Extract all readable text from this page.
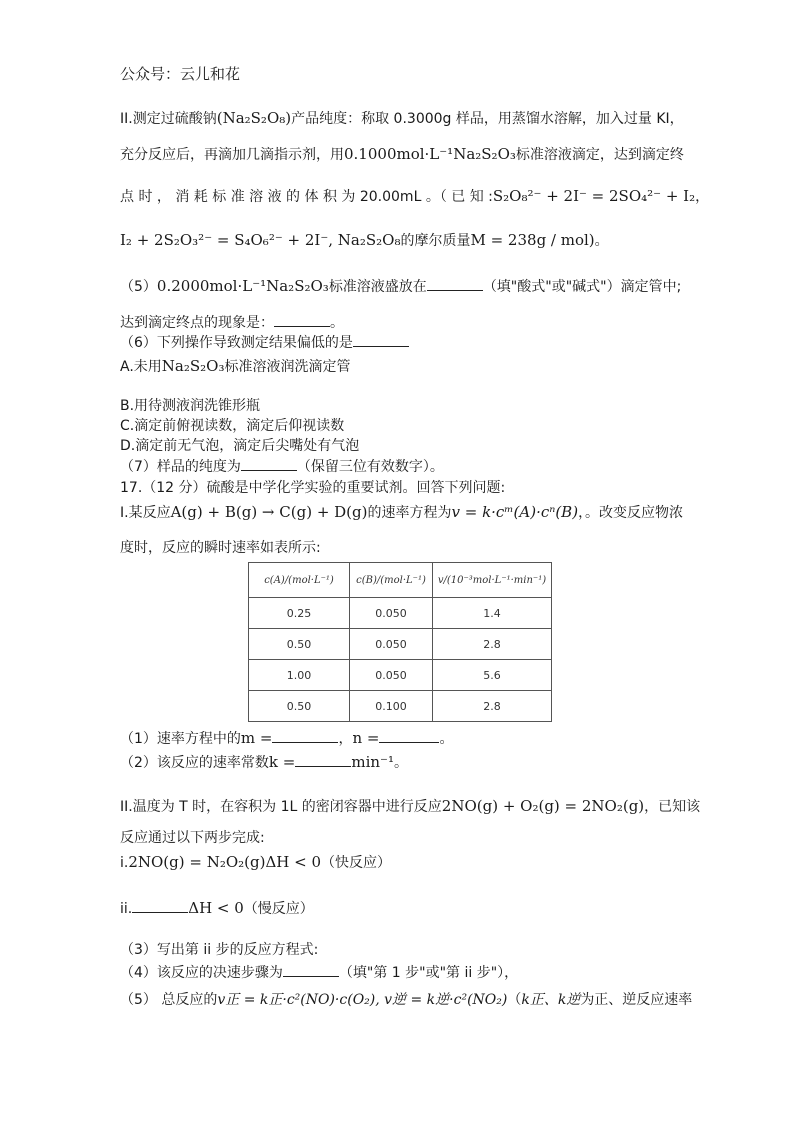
公众号：云儿和花
II.测定过硫酸钠(Na₂S₂O₈)产品纯度：称取 0.3000g 样品，用蒸馏水溶解，加入过量 KI，
充分反应后，再滴加几滴指示剂，用0.1000mol·L⁻¹Na₂S₂O₃标准溶液滴定，达到滴定终
点 时 ， 消 耗 标 准 溶 液 的 体 积 为 20.00mL 。（ 已 知 :S₂O₈²⁻ + 2I⁻ = 2SO₄²⁻ + I₂，
I₂ + 2S₂O₃²⁻ = S₄O₆²⁻ + 2I⁻, Na₂S₂O₈的摩尔质量M = 238g / mol)。
（5）0.2000mol·L⁻¹Na₂S₂O₃标准溶液盛放在	（填"酸式"或"碱式"）滴定管中;
达到滴定终点的现象是：	。
（6）下列操作导致测定结果偏低的是
A.未用Na₂S₂O₃标准溶液润洗滴定管
B.用待测液润洗锥形瓶
C.滴定前俯视读数，滴定后仰视读数
D.滴定前无气泡，滴定后尖嘴处有气泡
（7）样品的纯度为	（保留三位有效数字）。
17.（12 分）硫酸是中学化学实验的重要试剂。回答下列问题:
I.某反应A(g) + B(g) → C(g) + D(g)的速率方程为v = k·cᵐ(A)·cⁿ(B)，。改变反应物浓
度时，反应的瞬时速率如表所示:
c(A)/(mol·L⁻¹)	c(B)/(mol·L⁻¹)	v/(10⁻³mol·L⁻¹·min⁻¹)
0.25	0.050	1.4
0.50	0.050	2.8
1.00	0.050	5.6
0.50	0.100	2.8
（1）速率方程中的m =	，n =	。
（2）该反应的速率常数k =	min⁻¹。
II.温度为 T 时，在容积为 1L 的密闭容器中进行反应2NO(g) + O₂(g) = 2NO₂(g)，已知该
反应通过以下两步完成:
i.2NO(g) = N₂O₂(g)ΔH < 0（快反应）
ii.	ΔH < 0（慢反应）
（3）写出第 ii 步的反应方程式:
（4）该反应的决速步骤为	（填"第 1 步"或"第 ii 步"），
（5） 总反应的v正 = k正·c²(NO)·c(O₂), v逆 = k逆·c²(NO₂)（k正、k逆为正、逆反应速率
